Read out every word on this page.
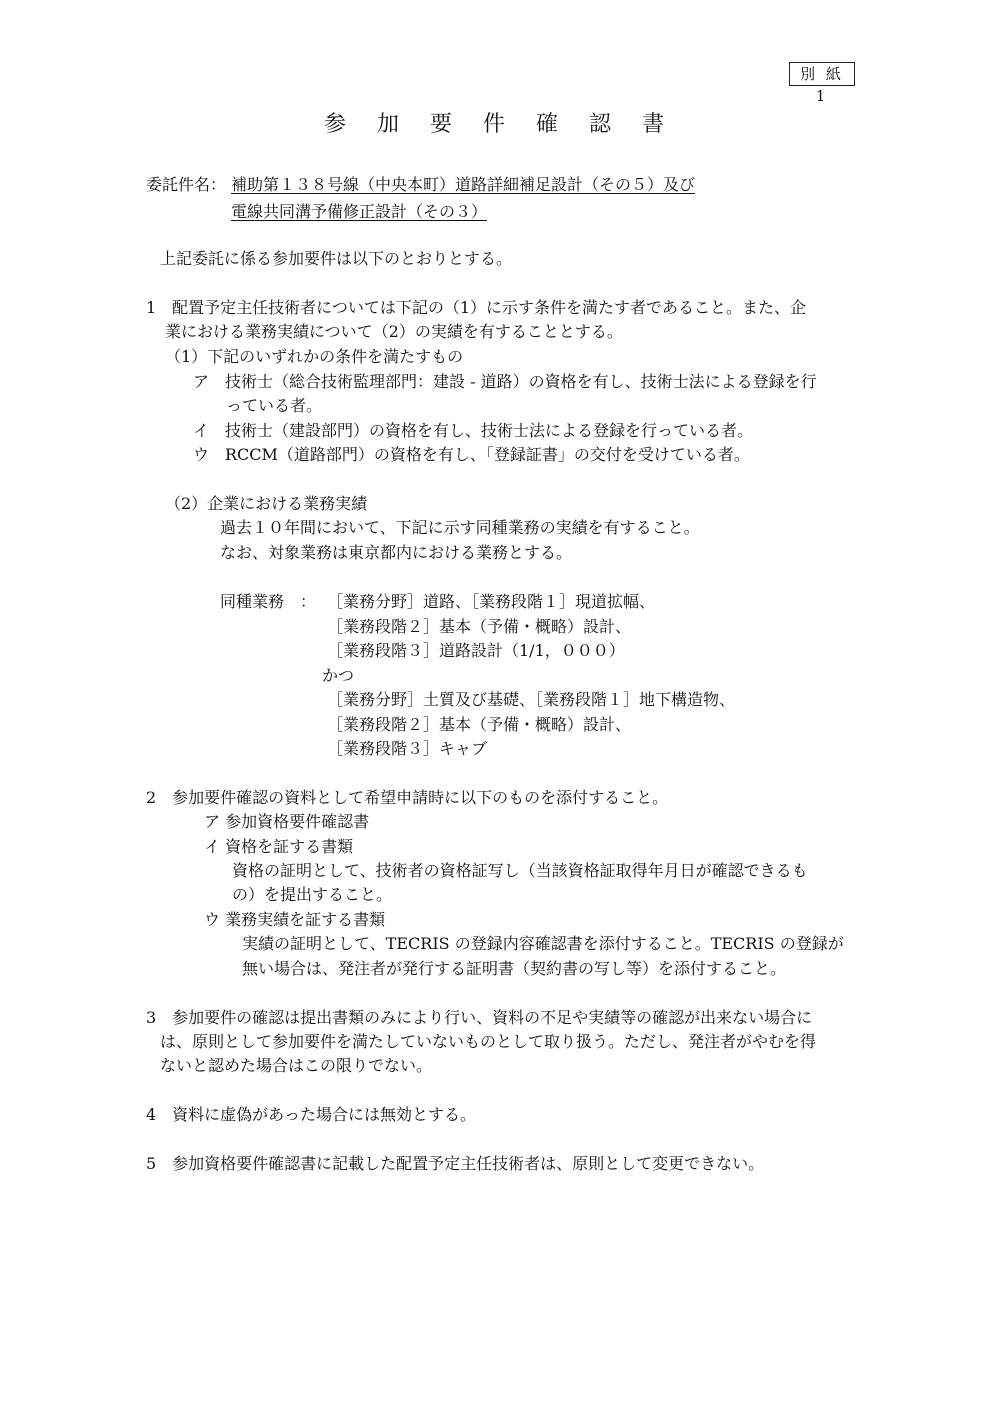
別 紙 1
参 加 要 件 確 認 書
委託件名： 補助第１３８号線（中央本町）道路詳細補足設計（その５）及び
電線共同溝予備修正設計（その３）
上記委託に係る参加要件は以下のとおりとする。
1　配置予定主任技術者については下記の（1）に示す条件を満たす者であること。また、企
業における業務実績について（2）の実績を有することとする。
（1）下記のいずれかの条件を満たすもの
ア　技術士（総合技術監理部門：建設 - 道路）の資格を有し、技術士法による登録を行
っている者。
イ　技術士（建設部門）の資格を有し、技術士法による登録を行っている者。
ウ　RCCM（道路部門）の資格を有し、「登録証書」の交付を受けている者。
（2）企業における業務実績
過去１０年間において、下記に示す同種業務の実績を有すること。
なお、対象業務は東京都内における業務とする。
同種業務　： ［業務分野］道路、［業務段階１］現道拡幅、
［業務段階２］基本（予備・概略）設計、
［業務段階３］道路設計（1/1，０００）
かつ
［業務分野］土質及び基礎、［業務段階１］地下構造物、
［業務段階２］基本（予備・概略）設計、
［業務段階３］キャブ
2　参加要件確認の資料として希望申請時に以下のものを添付すること。
ア 参加資格要件確認書
イ 資格を証する書類
資格の証明として、技術者の資格証写し（当該資格証取得年月日が確認できるも
の）を提出すること。
ウ 業務実績を証する書類
実績の証明として、TECRIS の登録内容確認書を添付すること。TECRIS の登録が
無い場合は、発注者が発行する証明書（契約書の写し等）を添付すること。
3　参加要件の確認は提出書類のみにより行い、資料の不足や実績等の確認が出来ない場合に
は、原則として参加要件を満たしていないものとして取り扱う。ただし、発注者がやむを得
ないと認めた場合はこの限りでない。
4　資料に虚偽があった場合には無効とする。
5　参加資格要件確認書に記載した配置予定主任技術者は、原則として変更できない。
